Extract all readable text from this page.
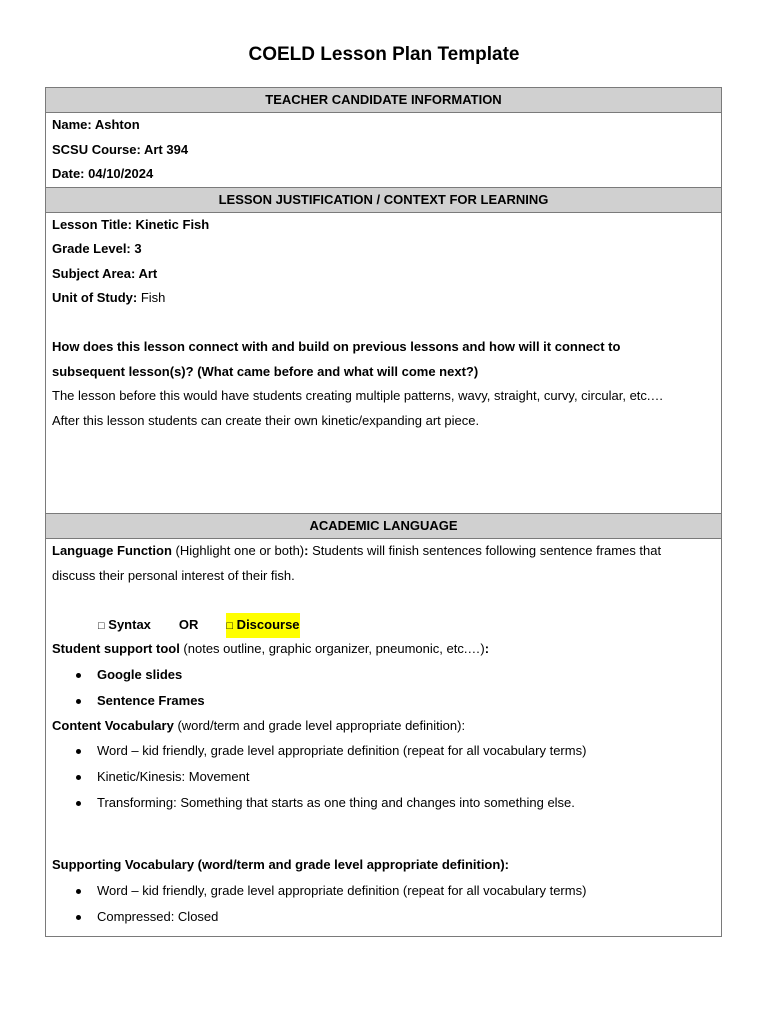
COELD Lesson Plan Template
TEACHER CANDIDATE INFORMATION
Name: Ashton
SCSU Course: Art 394
Date: 04/10/2024
LESSON JUSTIFICATION / CONTEXT FOR LEARNING
Lesson Title: Kinetic Fish
Grade Level: 3
Subject Area: Art
Unit of Study: Fish
How does this lesson connect with and build on previous lessons and how will it connect to
subsequent lesson(s)? (What came before and what will come next?)
The lesson before this would have students creating multiple patterns, wavy, straight, curvy, circular, etc.…
After this lesson students can create their own kinetic/expanding art piece.
ACADEMIC LANGUAGE
Language Function (Highlight one or both): Students will finish sentences following sentence frames that
discuss their personal interest of their fish.
□ Syntax OR	□ Discourse
Student support tool (notes outline, graphic organizer, pneumonic, etc.…):
Google slides
Sentence Frames
Content Vocabulary (word/term and grade level appropriate definition):
Word – kid friendly, grade level appropriate definition (repeat for all vocabulary terms)
Kinetic/Kinesis: Movement
Transforming: Something that starts as one thing and changes into something else.
Supporting Vocabulary (word/term and grade level appropriate definition):
Word – kid friendly, grade level appropriate definition (repeat for all vocabulary terms)
Compressed: Closed
